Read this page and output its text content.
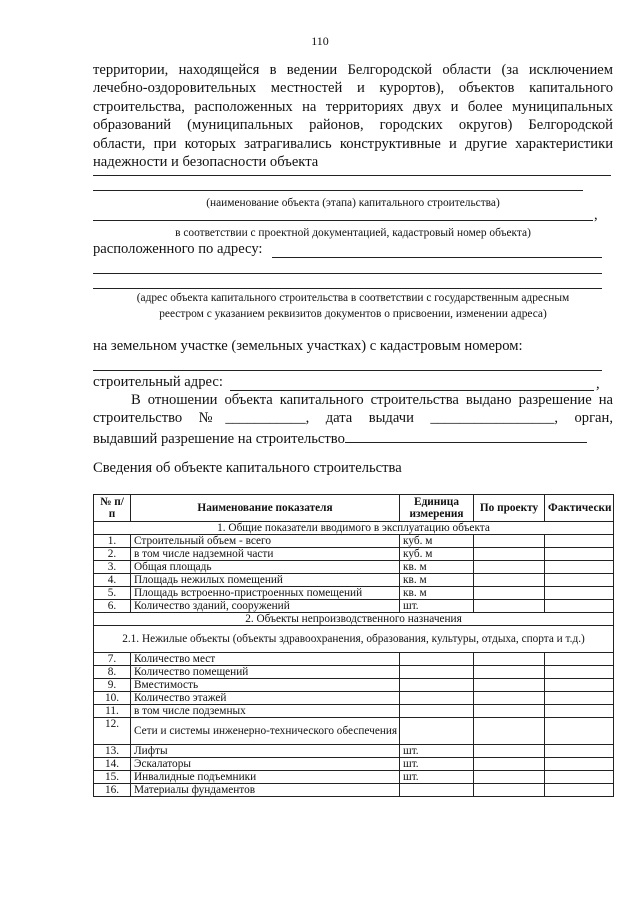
110
территории, находящейся в ведении Белгородской области (за исключением
лечебно-оздоровительных местностей и курортов), объектов капитального
строительства, расположенных на территориях двух и более муниципальных
образований (муниципальных районов, городских округов) Белгородской
области, при которых затрагивались конструктивные и другие характеристики
надежности и безопасности объекта
(наименование объекта (этапа) капитального строительства)
,
в соответствии с проектной документацией, кадастровый номер объекта)
расположенного по адресу:
(адрес объекта капитального строительства в соответствии с государственным адресным
реестром с указанием реквизитов документов о присвоении, изменении адреса)
на земельном участке (земельных участках) с кадастровым номером:
строительный адрес:	,
В отношении объекта капитального строительства выдано разрешение на
строительство №___________, дата выдачи _________________, орган,
выдавший разрешение на строительство
Сведения об объекте капитального строительства
№ п/п	Наименование показателя	Единица измерения	По проекту	Фактически
1. Общие показатели вводимого в эксплуатацию объекта				
1.	Строительный объем - всего	куб. м		
2.	в том числе надземной части	куб. м		
3.	Общая площадь	кв. м		
4.	Площадь нежилых помещений	кв. м		
5.	Площадь встроенно-пристроенных помещений	кв. м		
6.	Количество зданий, сооружений	шт.		
2. Объекты непроизводственного назначения				
2.1. Нежилые объекты (объекты здравоохранения, образования, культуры, отдыха, спорта и т.д.)				
7.	Количество мест			
8.	Количество помещений			
9.	Вместимость			
10.	Количество этажей			
11.	в том числе подземных			
12.	Сети и системы инженерно-технического обеспечения			
13.	Лифты	шт.		
14.	Эскалаторы	шт.		
15.	Инвалидные подъемники	шт.		
16.	Материалы фундаментов			
